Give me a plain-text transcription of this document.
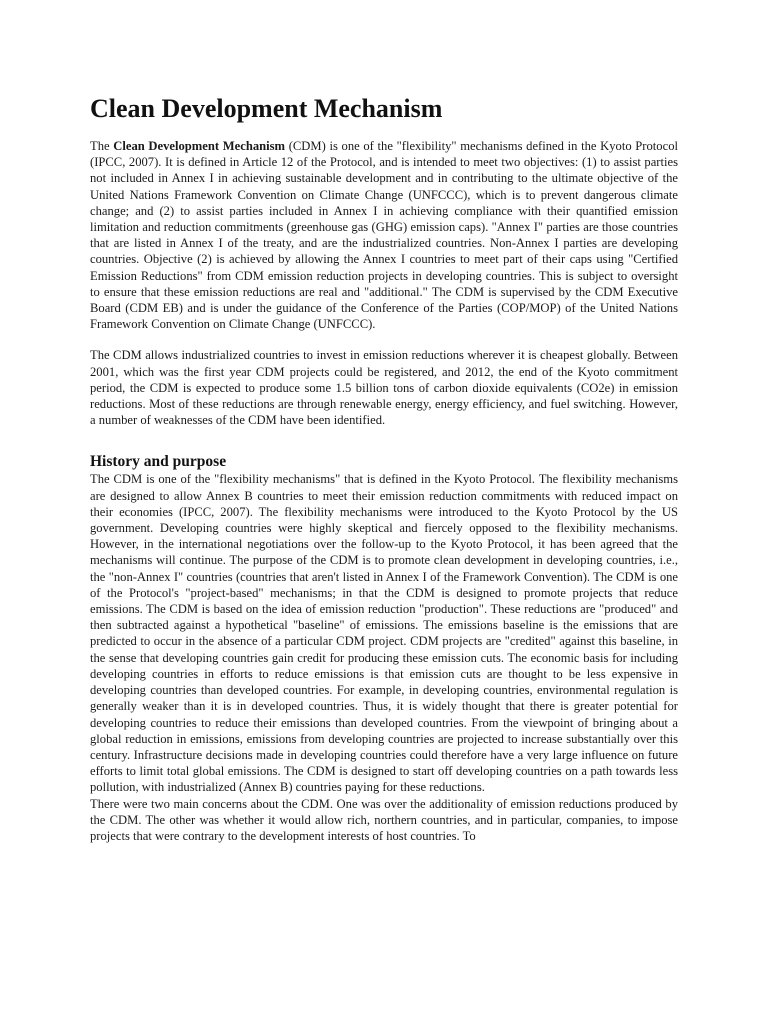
Clean Development Mechanism

The Clean Development Mechanism (CDM) is one of the "flexibility" mechanisms defined in the Kyoto Protocol (IPCC, 2007). It is defined in Article 12 of the Protocol, and is intended to meet two objectives: (1) to assist parties not included in Annex I in achieving sustainable development and in contributing to the ultimate objective of the United Nations Framework Convention on Climate Change (UNFCCC), which is to prevent dangerous climate change; and (2) to assist parties included in Annex I in achieving compliance with their quantified emission limitation and reduction commitments (greenhouse gas (GHG) emission caps). "Annex I" parties are those countries that are listed in Annex I of the treaty, and are the industrialized countries. Non-Annex I parties are developing countries. Objective (2) is achieved by allowing the Annex I countries to meet part of their caps using "Certified Emission Reductions" from CDM emission reduction projects in developing countries. This is subject to oversight to ensure that these emission reductions are real and "additional." The CDM is supervised by the CDM Executive Board (CDM EB) and is under the guidance of the Conference of the Parties (COP/MOP) of the United Nations Framework Convention on Climate Change (UNFCCC).

The CDM allows industrialized countries to invest in emission reductions wherever it is cheapest globally. Between 2001, which was the first year CDM projects could be registered, and 2012, the end of the Kyoto commitment period, the CDM is expected to produce some 1.5 billion tons of carbon dioxide equivalents (CO2e) in emission reductions. Most of these reductions are through renewable energy, energy efficiency, and fuel switching. However, a number of weaknesses of the CDM have been identified.

History and purpose

The CDM is one of the "flexibility mechanisms" that is defined in the Kyoto Protocol. The flexibility mechanisms are designed to allow Annex B countries to meet their emission reduction commitments with reduced impact on their economies (IPCC, 2007). The flexibility mechanisms were introduced to the Kyoto Protocol by the US government. Developing countries were highly skeptical and fiercely opposed to the flexibility mechanisms. However, in the international negotiations over the follow-up to the Kyoto Protocol, it has been agreed that the mechanisms will continue. The purpose of the CDM is to promote clean development in developing countries, i.e., the "non-Annex I" countries (countries that aren't listed in Annex I of the Framework Convention). The CDM is one of the Protocol's "project-based" mechanisms; in that the CDM is designed to promote projects that reduce emissions. The CDM is based on the idea of emission reduction "production". These reductions are "produced" and then subtracted against a hypothetical "baseline" of emissions. The emissions baseline is the emissions that are predicted to occur in the absence of a particular CDM project. CDM projects are "credited" against this baseline, in the sense that developing countries gain credit for producing these emission cuts. The economic basis for including developing countries in efforts to reduce emissions is that emission cuts are thought to be less expensive in developing countries than developed countries. For example, in developing countries, environmental regulation is generally weaker than it is in developed countries. Thus, it is widely thought that there is greater potential for developing countries to reduce their emissions than developed countries. From the viewpoint of bringing about a global reduction in emissions, emissions from developing countries are projected to increase substantially over this century. Infrastructure decisions made in developing countries could therefore have a very large influence on future efforts to limit total global emissions. The CDM is designed to start off developing countries on a path towards less pollution, with industrialized (Annex B) countries paying for these reductions.

There were two main concerns about the CDM. One was over the additionality of emission reductions produced by the CDM. The other was whether it would allow rich, northern countries, and in particular, companies, to impose projects that were contrary to the development interests of host countries. To
